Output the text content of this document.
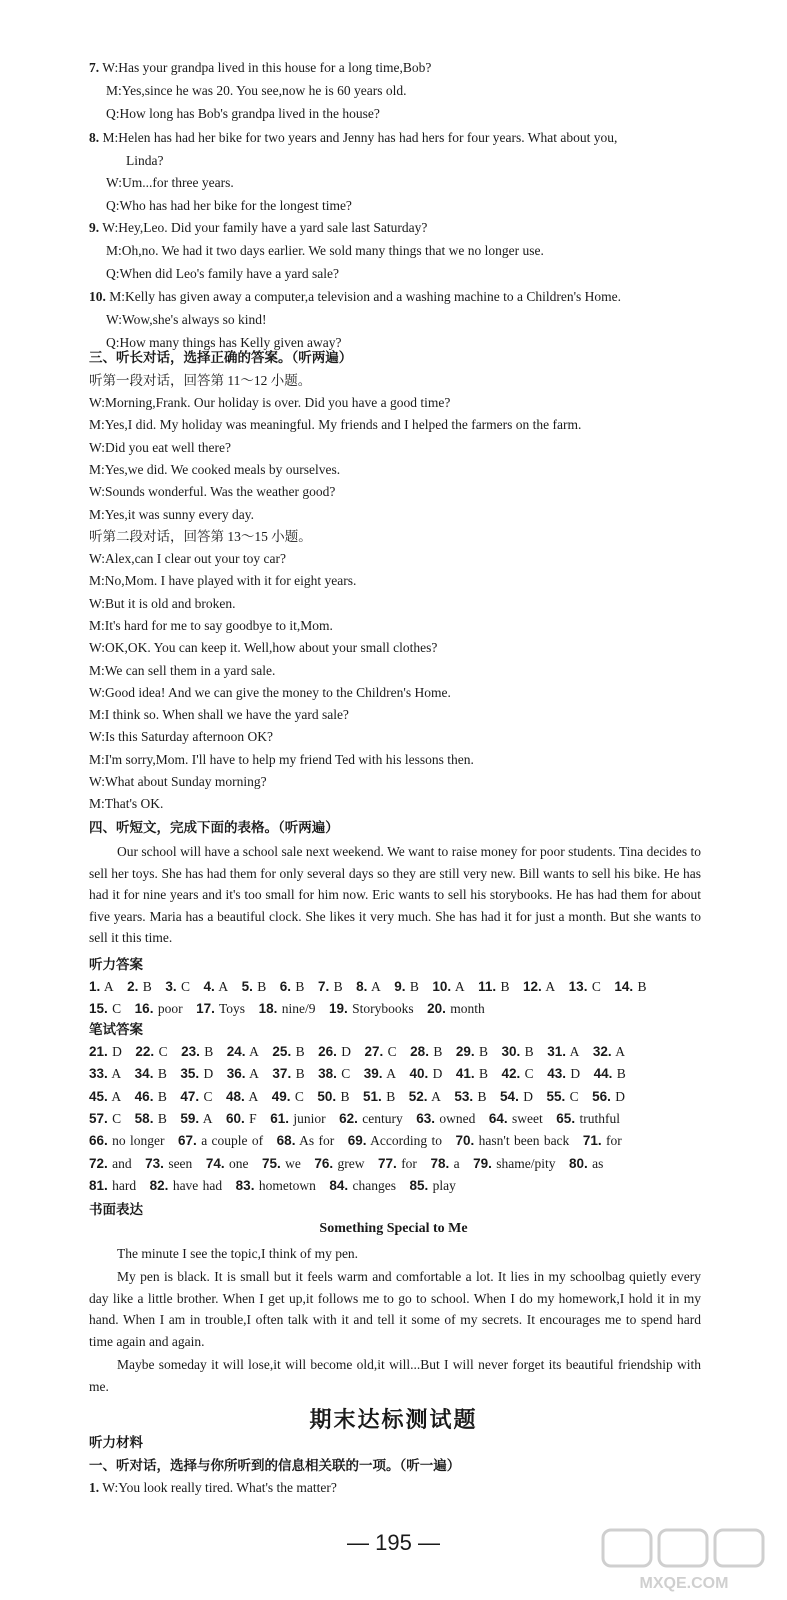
7. W:Has your grandpa lived in this house for a long time,Bob?
M:Yes,since he was 20. You see,now he is 60 years old.
Q:How long has Bob's grandpa lived in the house?
8. M:Helen has had her bike for two years and Jenny has had hers for four years. What about you,
Linda?
W:Um...for three years.
Q:Who has had her bike for the longest time?
9. W:Hey,Leo. Did your family have a yard sale last Saturday?
M:Oh,no. We had it two days earlier. We sold many things that we no longer use.
Q:When did Leo's family have a yard sale?
10. M:Kelly has given away a computer,a television and a washing machine to a Children's Home.
W:Wow,she's always so kind!
Q:How many things has Kelly given away?
三、听长对话，选择正确的答案。（听两遍）
听第一段对话，回答第 11～12 小题。
W:Morning,Frank. Our holiday is over. Did you have a good time?
M:Yes,I did. My holiday was meaningful. My friends and I helped the farmers on the farm.
W:Did you eat well there?
M:Yes,we did. We cooked meals by ourselves.
W:Sounds wonderful. Was the weather good?
M:Yes,it was sunny every day.
听第二段对话，回答第 13～15 小题。
W:Alex,can I clear out your toy car?
M:No,Mom. I have played with it for eight years.
W:But it is old and broken.
M:It's hard for me to say goodbye to it,Mom.
W:OK,OK. You can keep it. Well,how about your small clothes?
M:We can sell them in a yard sale.
W:Good idea! And we can give the money to the Children's Home.
M:I think so. When shall we have the yard sale?
W:Is this Saturday afternoon OK?
M:I'm sorry,Mom. I'll have to help my friend Ted with his lessons then.
W:What about Sunday morning?
M:That's OK.
四、听短文，完成下面的表格。（听两遍）
Our school will have a school sale next weekend. We want to raise money for poor students. Tina decides to sell her toys. She has had them for only several days so they are still very new. Bill wants to sell his bike. He has had it for nine years and it's too small for him now. Eric wants to sell his storybooks. He has had them for about five years. Maria has a beautiful clock. She likes it very much. She has had it for just a month. But she wants to sell it this time.
听力答案
1. A  2. B  3. C  4. A  5. B  6. B  7. B  8. A  9. B  10. A  11. B  12. A  13. C  14. B
15. C  16. poor  17. Toys  18. nine/9  19. Storybooks  20. month
笔试答案
21. D  22. C  23. B  24. A  25. B  26. D  27. C  28. B  29. B  30. B  31. A  32. A
33. A  34. B  35. D  36. A  37. B  38. C  39. A  40. D  41. B  42. C  43. D  44. B
45. A  46. B  47. C  48. A  49. C  50. B  51. B  52. A  53. B  54. D  55. C  56. D
57. C  58. B  59. A  60. F  61. junior  62. century  63. owned  64. sweet  65. truthful
66. no longer  67. a couple of  68. As for  69. According to  70. hasn't been back  71. for
72. and  73. seen  74. one  75. we  76. grew  77. for  78. a  79. shame/pity  80. as
81. hard  82. have had  83. hometown  84. changes  85. play
书面表达
Something Special to Me
The minute I see the topic,I think of my pen.
My pen is black. It is small but it feels warm and comfortable a lot. It lies in my schoolbag quietly every day like a little brother. When I get up,it follows me to go to school. When I do my homework,I hold it in my hand. When I am in trouble,I often talk with it and tell it some of my secrets. It encourages me to spend hard time again and again.
Maybe someday it will lose,it will become old,it will...But I will never forget its beautiful friendship with me.
期末达标测试题
听力材料
一、听对话，选择与你所听到的信息相关联的一项。（听一遍）
1. W:You look really tired. What's the matter?
— 195 —
MXQE.COM
